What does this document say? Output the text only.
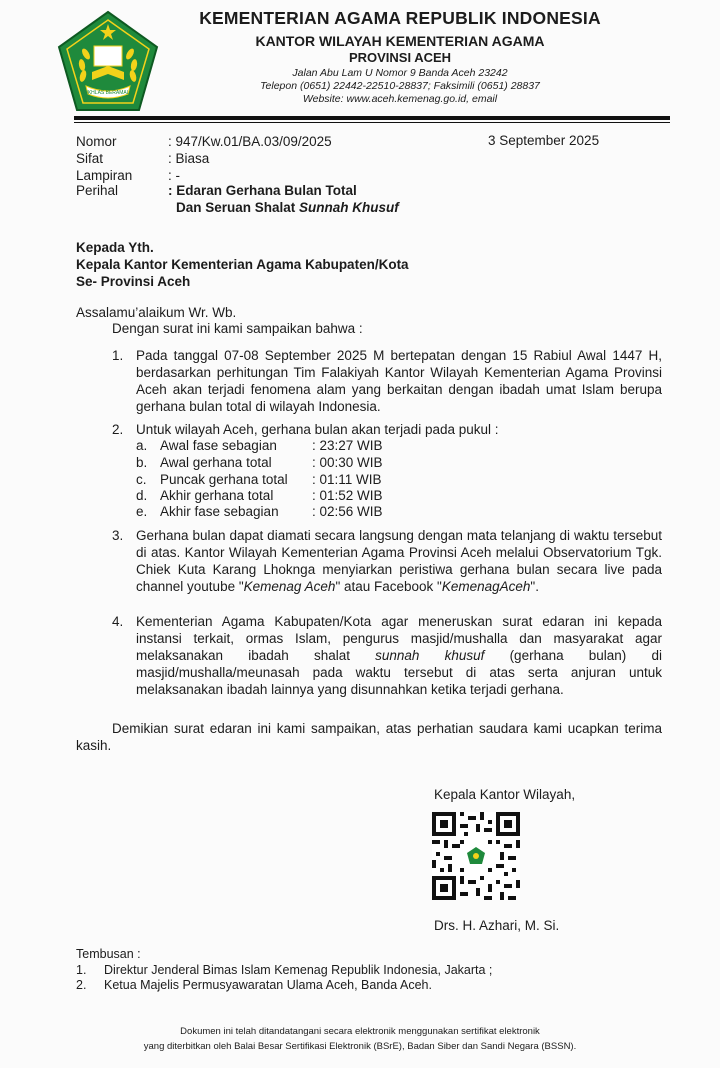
IKHLAS BERAMAL
KEMENTERIAN AGAMA REPUBLIK INDONESIA
KANTOR WILAYAH KEMENTERIAN AGAMA
PROVINSI ACEH
Jalan Abu Lam U Nomor 9 Banda Aceh 23242
Telepon (0651) 22442-22510-28837; Faksimili (0651) 28837
Website: www.aceh.kemenag.go.id, email
Nomor	: 947/Kw.01/BA.03/09/2025	3 September 2025
Sifat	: Biasa
Lampiran	: -
Perihal	: Edaran Gerhana Bulan Total
Dan Seruan Shalat Sunnah Khusuf
Kepada Yth.
Kepala Kantor Kementerian Agama Kabupaten/Kota
Se- Provinsi Aceh
Assalamu’alaikum Wr. Wb.
Dengan surat ini kami sampaikan bahwa :
1. Pada tanggal 07-08 September 2025 M bertepatan dengan 15 Rabiul Awal 1447 H, berdasarkan perhitungan Tim Falakiyah Kantor Wilayah Kementerian Agama Provinsi Aceh akan terjadi fenomena alam yang berkaitan dengan ibadah umat Islam berupa gerhana bulan total di wilayah Indonesia.
2. Untuk wilayah Aceh, gerhana bulan akan terjadi pada pukul :
a. Awal fase sebagian	: 23:27 WIB
b. Awal gerhana total	: 00:30 WIB
c. Puncak gerhana total : 01:11 WIB
d. Akhir gerhana total	: 01:52 WIB
e. Akhir fase sebagian : 02:56 WIB
3. Gerhana bulan dapat diamati secara langsung dengan mata telanjang di waktu tersebut di atas. Kantor Wilayah Kementerian Agama Provinsi Aceh melalui Observatorium Tgk. Chiek Kuta Karang Lhoknga menyiarkan peristiwa gerhana bulan secara live pada channel youtube "Kemenag Aceh" atau Facebook "KemenagAceh".
4. Kementerian Agama Kabupaten/Kota agar meneruskan surat edaran ini kepada instansi terkait, ormas Islam, pengurus masjid/mushalla dan masyarakat agar melaksanakan ibadah shalat sunnah khusuf (gerhana bulan) di masjid/mushalla/meunasah pada waktu tersebut di atas serta anjuran untuk melaksanakan ibadah lainnya yang disunnahkan ketika terjadi gerhana.
Demikian surat edaran ini kami sampaikan, atas perhatian saudara kami ucapkan terima kasih.
Kepala Kantor Wilayah,
Drs. H. Azhari, M. Si.
Tembusan :
1. Direktur Jenderal Bimas Islam Kemenag Republik Indonesia, Jakarta ;
2. Ketua Majelis Permusyawaratan Ulama Aceh, Banda Aceh.
Dokumen ini telah ditandatangani secara elektronik menggunakan sertifikat elektronik
yang diterbitkan oleh Balai Besar Sertifikasi Elektronik (BSrE), Badan Siber dan Sandi Negara (BSSN).
